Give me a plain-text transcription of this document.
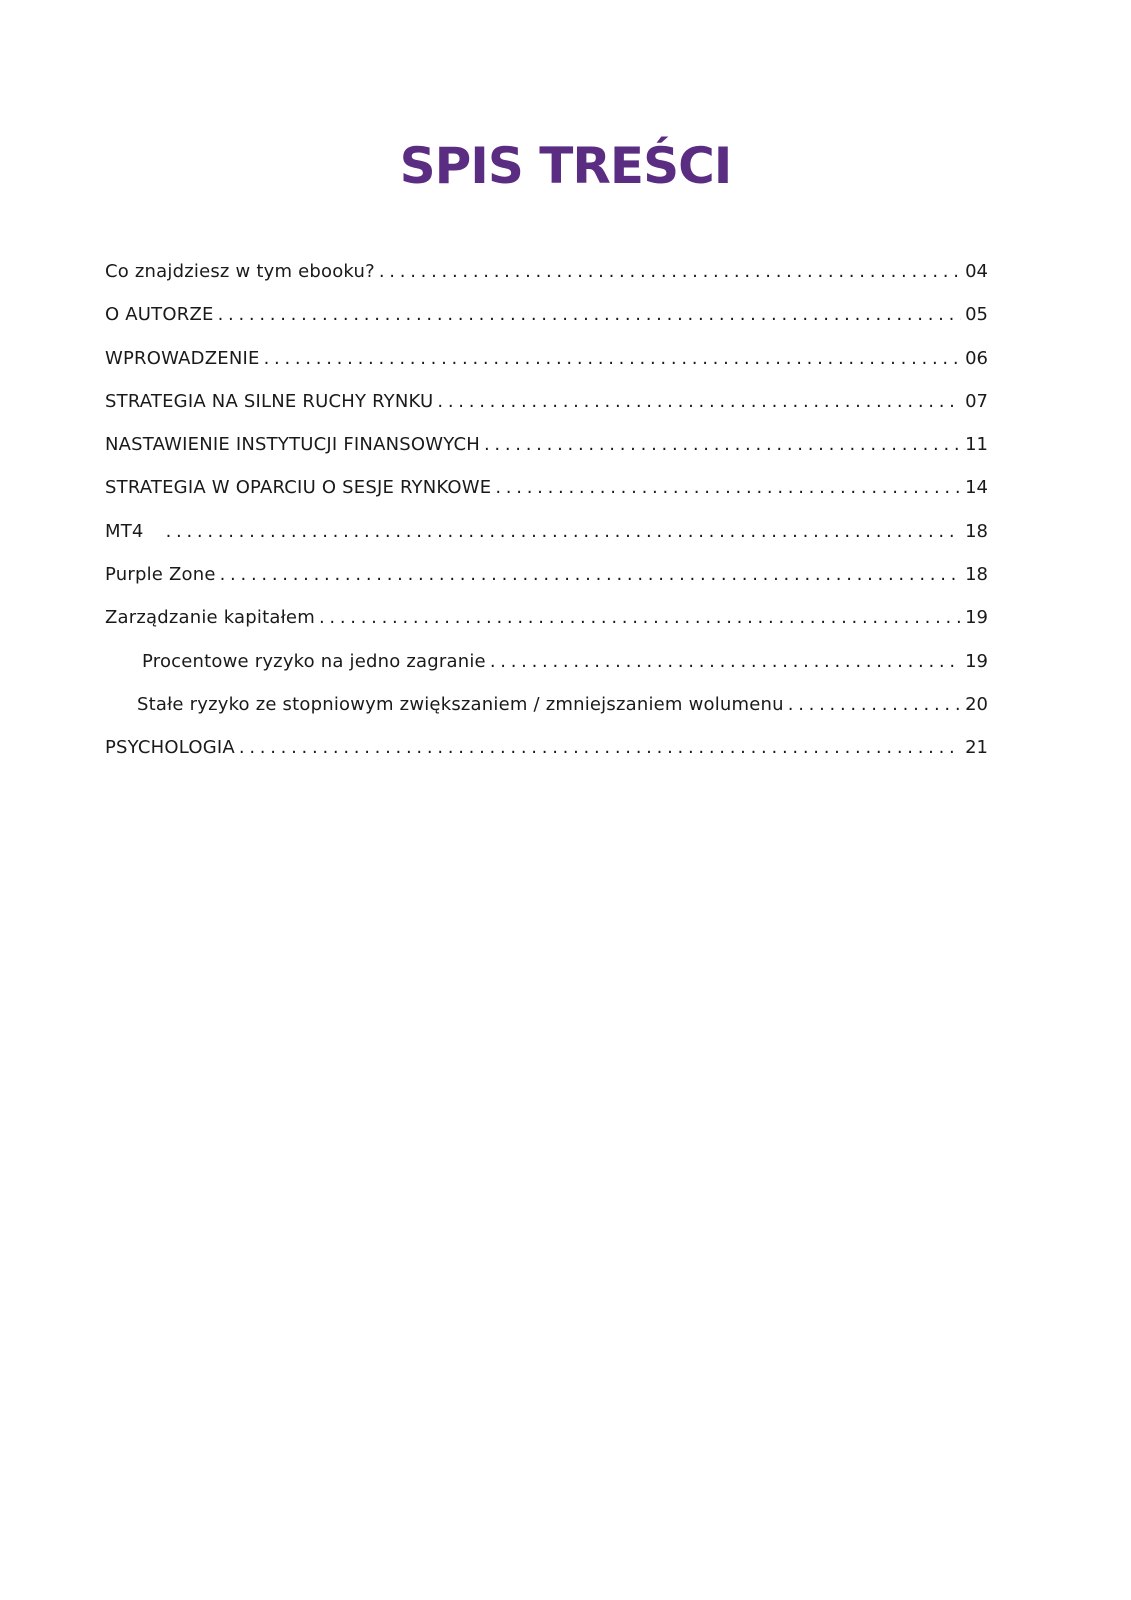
SPIS TREŚCI
Co znajdziesz w tym ebooku? . . .	04
O AUTORZE . . .	05
WPROWADZENIE . . .	06
STRATEGIA NA SILNE RUCHY RYNKU . . .	07
NASTAWIENIE INSTYTUCJI FINANSOWYCH . . .	11
STRATEGIA W OPARCIU O SESJE RYNKOWE . . .	14
MT4 . . .	18
Purple Zone . . .	18
Zarządzanie kapitałem . . .	19
Procentowe ryzyko na jedno zagranie . . .	19
Stałe ryzyko ze stopniowym zwiększaniem / zmniejszaniem wolumenu . . .	20
PSYCHOLOGIA . . .	21
